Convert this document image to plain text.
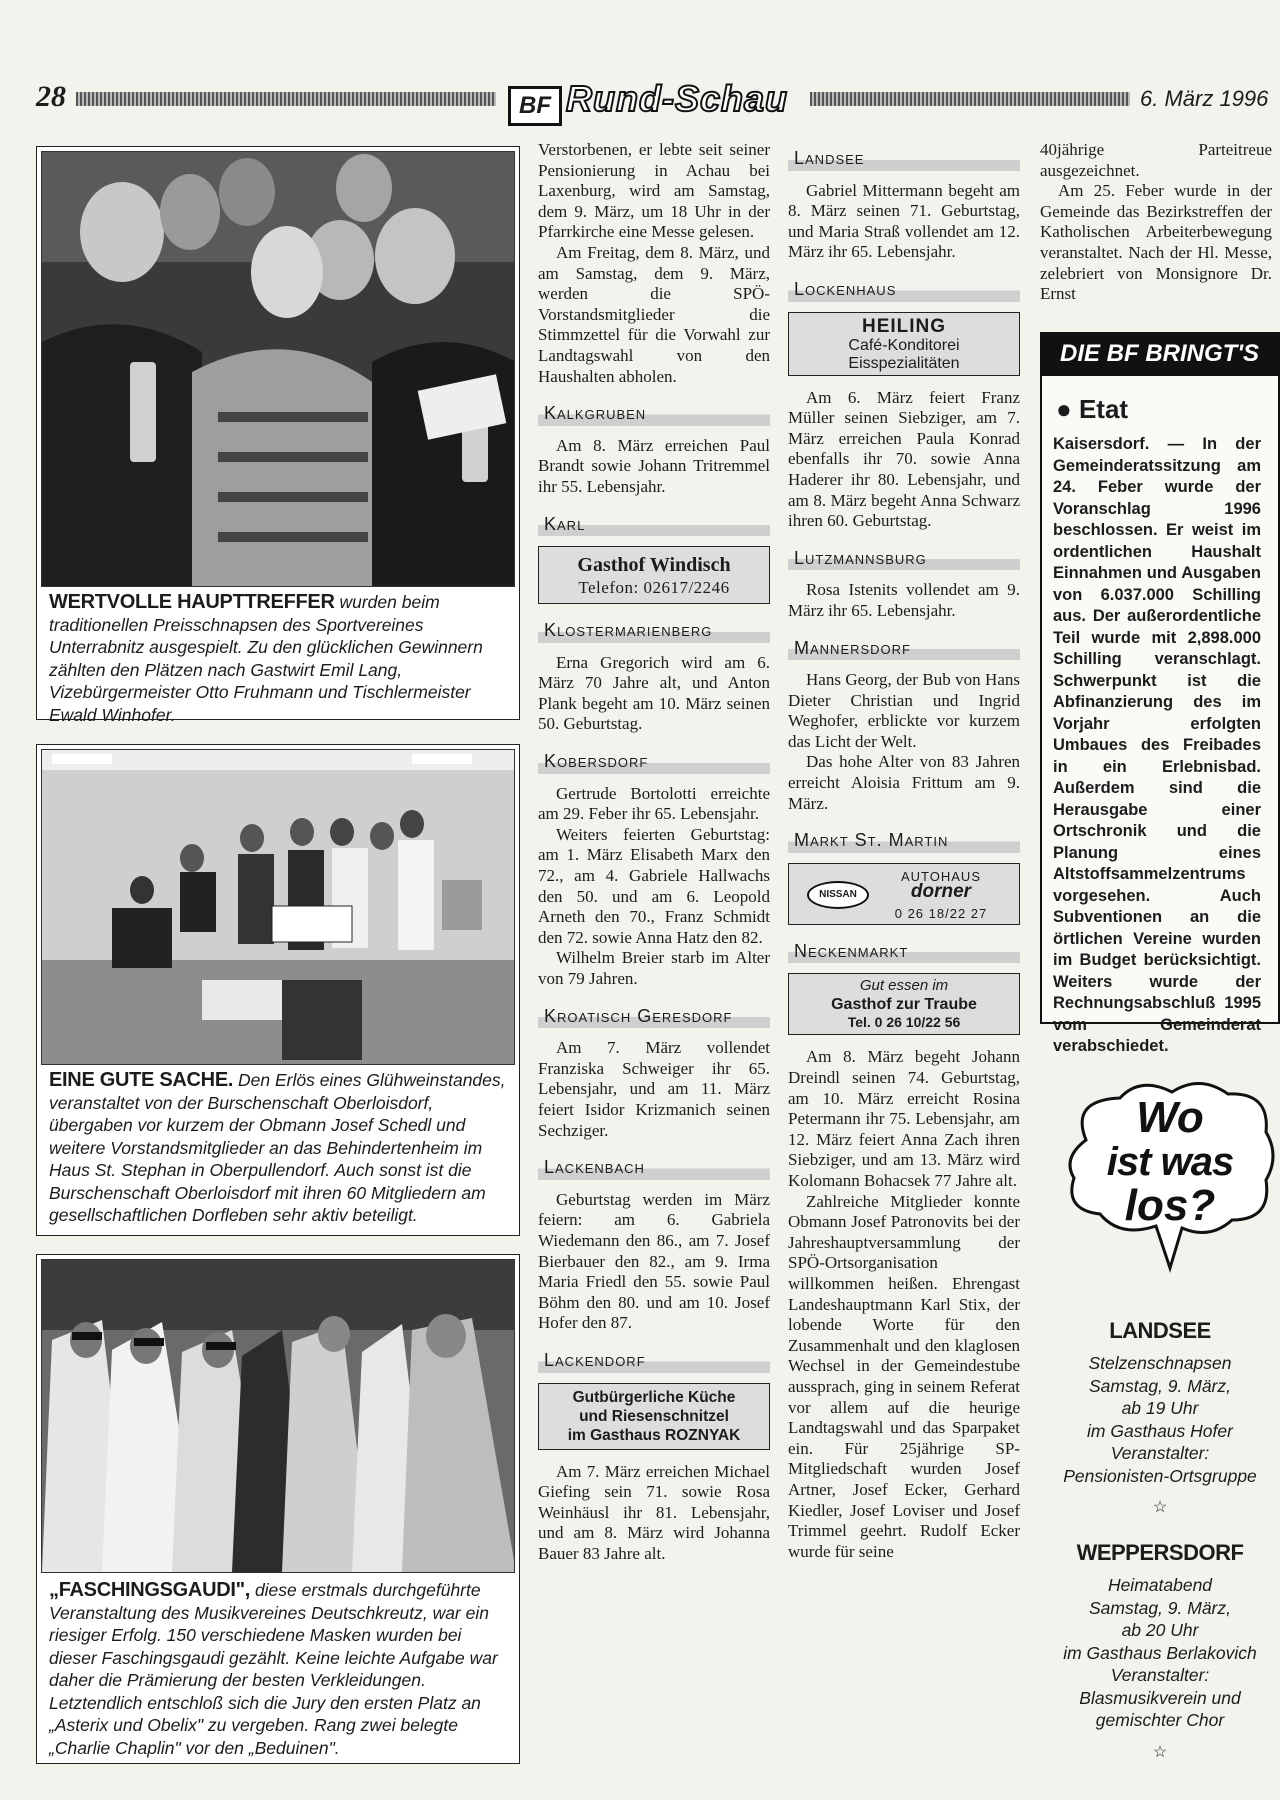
28	BF Rund-Schau	6. März 1996
WERTVOLLE HAUPTTREFFER wurden beim traditionellen Preisschnapsen des Sportvereines Unterrabnitz ausgespielt. Zu den glücklichen Gewinnern zählten den Plätzen nach Gastwirt Emil Lang, Vizebürgermeister Otto Fruhmann und Tischlermeister Ewald Winhofer.
EINE GUTE SACHE. Den Erlös eines Glühweinstandes, veranstaltet von der Burschenschaft Oberloisdorf, übergaben vor kurzem der Obmann Josef Schedl und weitere Vorstandsmitglieder an das Behindertenheim im Haus St. Stephan in Oberpullendorf. Auch sonst ist die Burschenschaft Oberloisdorf mit ihren 60 Mitgliedern am gesellschaftlichen Dorfleben sehr aktiv beteiligt.
„FASCHINGSGAUDI", diese erstmals durchgeführte Veranstaltung des Musikvereines Deutschkreutz, war ein riesiger Erfolg. 150 verschiedene Masken wurden bei dieser Faschingsgaudi gezählt. Keine leichte Aufgabe war daher die Prämierung der besten Verkleidungen. Letztendlich entschloß sich die Jury den ersten Platz an „Asterix und Obelix" zu vergeben. Rang zwei belegte „Charlie Chaplin" vor den „Beduinen".

Verstorbenen, er lebte seit seiner Pensionierung in Achau bei Laxenburg, wird am Samstag, dem 9. März, um 18 Uhr in der Pfarrkirche eine Messe gelesen.

Am Freitag, dem 8. März, und am Samstag, dem 9. März, werden die SPÖ-Vorstandsmitglieder die Stimmzettel für die Vorwahl zur Landtagswahl von den Haushalten abholen.

Kalkgruben

Am 8. März erreichen Paul Brandt sowie Johann Tritremmel ihr 55. Lebensjahr.

Karl
Gasthof Windisch
Telefon: 02617/2246
Klostermarienberg

Erna Gregorich wird am 6. März 70 Jahre alt, und Anton Plank begeht am 10. März seinen 50. Geburtstag.

Kobersdorf

Gertrude Bortolotti erreichte am 29. Feber ihr 65. Lebensjahr.

Weiters feierten Geburtstag: am 1. März Elisabeth Marx den 72., am 4. Gabriele Hallwachs den 50. und am 6. Leopold Arneth den 70., Franz Schmidt den 72. sowie Anna Hatz den 82.

Wilhelm Breier starb im Alter von 79 Jahren.

Kroatisch Geresdorf

Am 7. März vollendet Franziska Schweiger ihr 65. Lebensjahr, und am 11. März feiert Isidor Krizmanich seinen Sechziger.

Lackenbach

Geburtstag werden im März feiern: am 6. Gabriela Wiedemann den 86., am 7. Josef Bierbauer den 82., am 9. Irma Maria Friedl den 55. sowie Paul Böhm den 80. und am 10. Josef Hofer den 87.

Lackendorf
Gutbürgerliche Küche
und Riesenschnitzel
im Gasthaus ROZNYAK

Am 7. März erreichen Michael Giefing sein 71. sowie Rosa Weinhäusl ihr 81. Lebensjahr, und am 8. März wird Johanna Bauer 83 Jahre alt.

Landsee

Gabriel Mittermann begeht am 8. März seinen 71. Geburtstag, und Maria Straß vollendet am 12. März ihr 65. Lebensjahr.

Lockenhaus
HEILING
Café-Konditorei
Eisspezialitäten

Am 6. März feiert Franz Müller seinen Siebziger, am 7. März erreichen Paula Konrad ebenfalls ihr 70. sowie Anna Haderer ihr 80. Lebensjahr, und am 8. März begeht Anna Schwarz ihren 60. Geburtstag.

Lutzmannsburg

Rosa Istenits vollendet am 9. März ihr 65. Lebensjahr.

Mannersdorf

Hans Georg, der Bub von Hans Dieter Christian und Ingrid Weghofer, erblickte vor kurzem das Licht der Welt.

Das hohe Alter von 83 Jahren erreicht Aloisia Frittum am 9. März.

Markt St. Martin
NISSAN
AUTOHAUS
dorner
0 26 18/22 27
Neckenmarkt
Gut essen im
Gasthof zur Traube
Tel. 0 26 10/22 56

Am 8. März begeht Johann Dreindl seinen 74. Geburtstag, am 10. März erreicht Rosina Petermann ihr 75. Lebensjahr, am 12. März feiert Anna Zach ihren Siebziger, und am 13. März wird Kolomann Bohacsek 77 Jahre alt.

Zahlreiche Mitglieder konnte Obmann Josef Patronovits bei der Jahreshauptversammlung der SPÖ-Ortsorganisation willkommen heißen. Ehrengast Landeshauptmann Karl Stix, der lobende Worte für den Zusammenhalt und den klaglosen Wechsel in der Gemeindestube aussprach, ging in seinem Referat vor allem auf die heurige Landtagswahl und das Sparpaket ein. Für 25jährige SP-Mitgliedschaft wurden Josef Artner, Josef Ecker, Gerhard Kiedler, Josef Loviser und Josef Trimmel geehrt. Rudolf Ecker wurde für seine

40jährige Parteitreue ausgezeichnet.

Am 25. Feber wurde in der Gemeinde das Bezirkstreffen der Katholischen Arbeiterbewegung veranstaltet. Nach der Hl. Messe, zelebriert von Monsignore Dr. Ernst

DIE BF BRINGT'S
● Etat
Kaisersdorf. — In der Gemeinderatssitzung am 24. Feber wurde der Voranschlag 1996 beschlossen. Er weist im ordentlichen Haushalt Einnahmen und Ausgaben von 6.037.000 Schilling aus. Der außerordentliche Teil wurde mit 2,898.000 Schilling veranschlagt. Schwerpunkt ist die Abfinanzierung des im Vorjahr erfolgten Umbaues des Freibades in ein Erlebnisbad. Außerdem sind die Herausgabe einer Ortschronik und die Planung eines Altstoffsammelzentrums vorgesehen. Auch Subventionen an die örtlichen Vereine wurden im Budget berücksichtigt. Weiters wurde der Rechnungsabschluß 1995 vom Gemeinderat verabschiedet.
Wo
ist was
los?
LANDSEE
Stelzenschnapsen
Samstag, 9. März,
ab 19 Uhr
im Gasthaus Hofer
Veranstalter:
Pensionisten-Ortsgruppe
☆
WEPPERSDORF
Heimatabend
Samstag, 9. März,
ab 20 Uhr
im Gasthaus Berlakovich
Veranstalter:
Blasmusikverein und
gemischter Chor
☆
